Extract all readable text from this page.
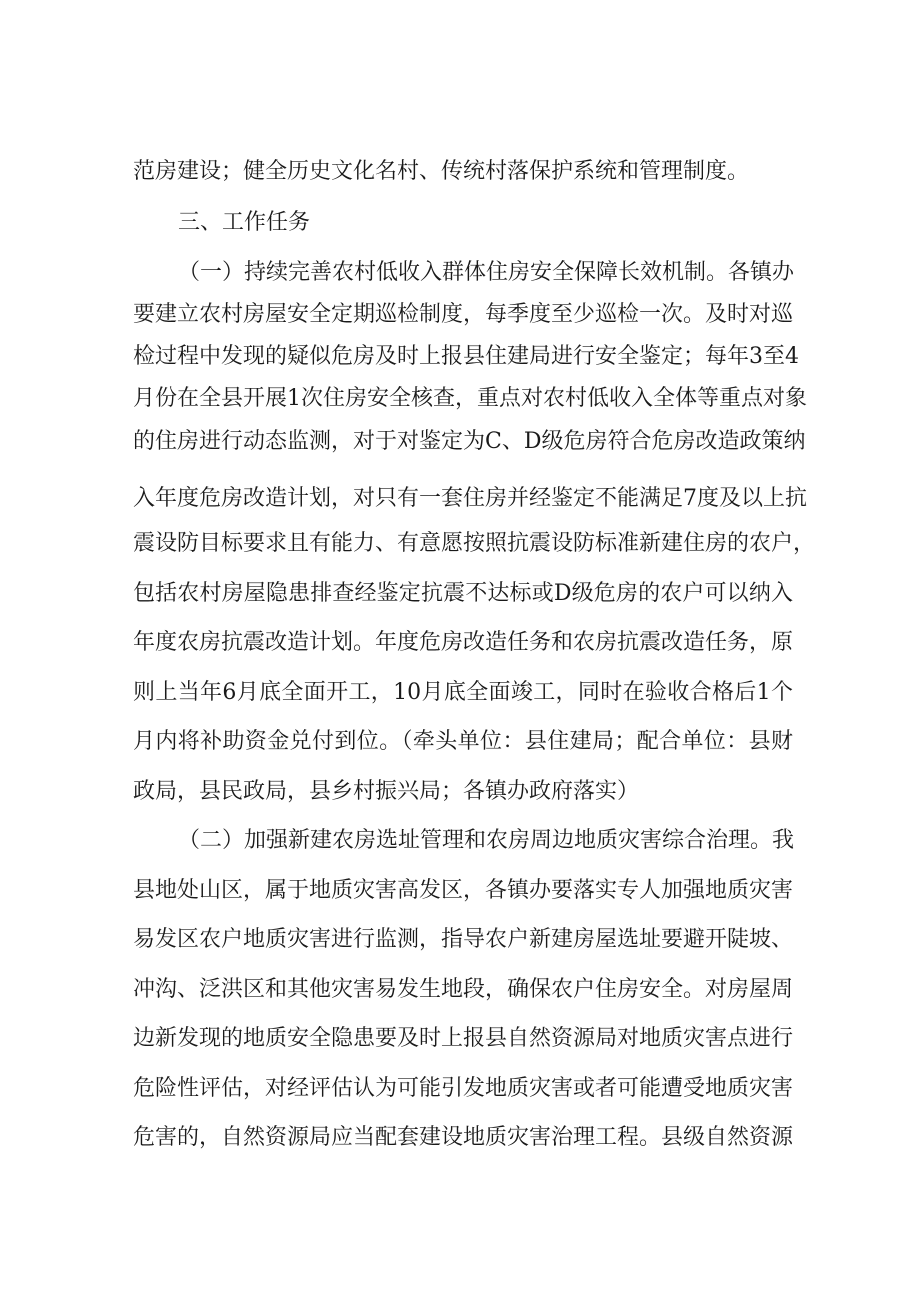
范房建设；健全历史文化名村、传统村落保护系统和管理制度。
三、工作任务
（一）持续完善农村低收入群体住房安全保障长效机制。各镇办
要建立农村房屋安全定期巡检制度，每季度至少巡检一次。及时对巡
检过程中发现的疑似危房及时上报县住建局进行安全鉴定；每年3至4
月份在全县开展1次住房安全核查，重点对农村低收入全体等重点对象
的住房进行动态监测，对于对鉴定为C、D级危房符合危房改造政策纳
入年度危房改造计划，对只有一套住房并经鉴定不能满足7度及以上抗
震设防目标要求且有能力、有意愿按照抗震设防标准新建住房的农户，
包括农村房屋隐患排查经鉴定抗震不达标或D级危房的农户可以纳入
年度农房抗震改造计划。年度危房改造任务和农房抗震改造任务，原
则上当年6月底全面开工，10月底全面竣工，同时在验收合格后1个
月内将补助资金兑付到位。（牵头单位：县住建局；配合单位：县财
政局，县民政局，县乡村振兴局；各镇办政府落实）
（二）加强新建农房选址管理和农房周边地质灾害综合治理。我
县地处山区，属于地质灾害高发区，各镇办要落实专人加强地质灾害
易发区农户地质灾害进行监测，指导农户新建房屋选址要避开陡坡、
冲沟、泛洪区和其他灾害易发生地段，确保农户住房安全。对房屋周
边新发现的地质安全隐患要及时上报县自然资源局对地质灾害点进行
危险性评估，对经评估认为可能引发地质灾害或者可能遭受地质灾害
危害的，自然资源局应当配套建设地质灾害治理工程。县级自然资源
